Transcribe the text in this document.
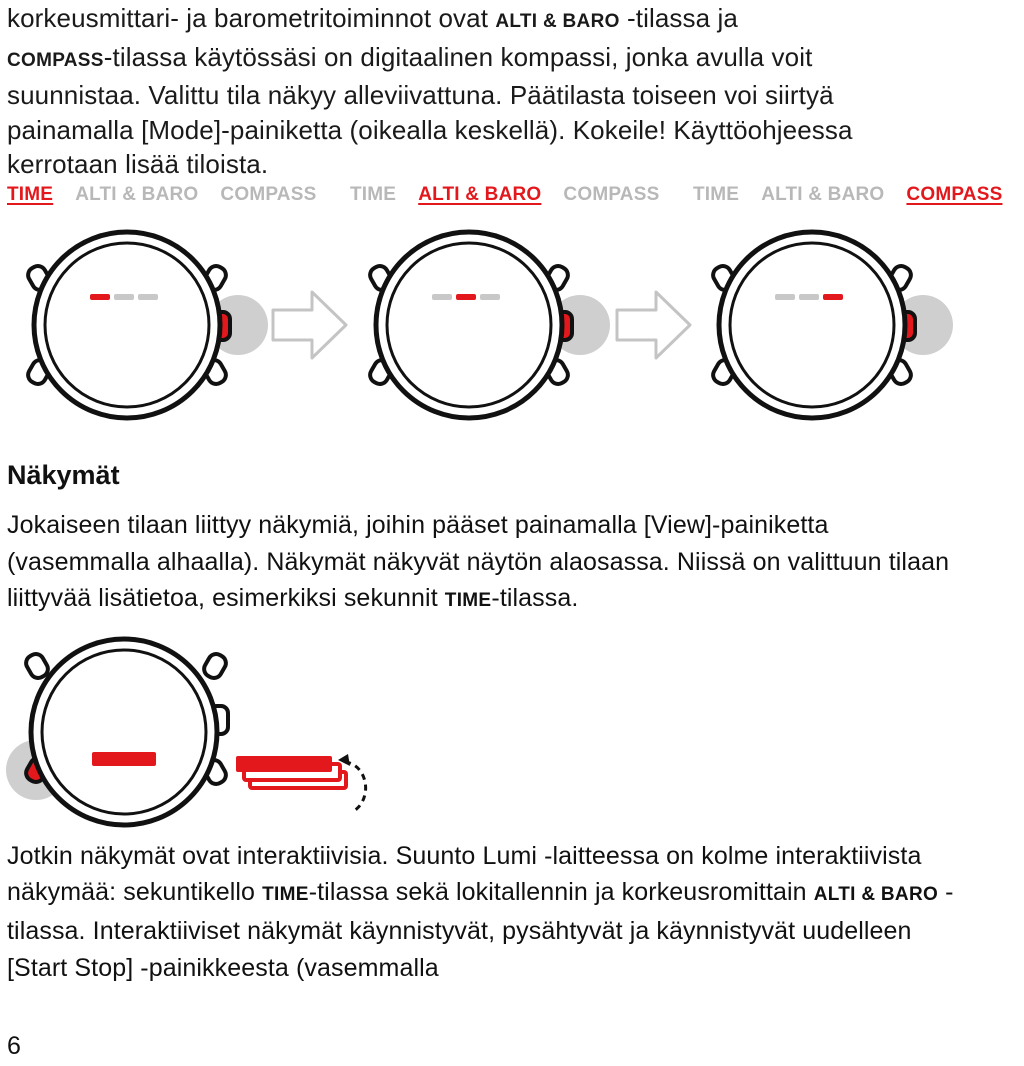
korkeusmittari- ja barometritoiminnot ovat ALTI & BARO -tilassa ja
COMPASS-tilassa käytössäsi on digitaalinen kompassi, jonka avulla voit suunnistaa. Valittu tila näkyy alleviivattuna. Päätilasta toiseen voi siirtyä painamalla [Mode]-painiketta (oikealla keskellä). Kokeile! Käyttöohjeessa kerrotaan lisää tiloista.

TIME ALTI & BARO COMPASS	TIME ALTI & BARO COMPASS	TIME ALTI & BARO COMPASS
Näkymät

Jokaiseen tilaan liittyy näkymiä, joihin pääset painamalla [View]-painiketta (vasemmalla alhaalla). Näkymät näkyvät näytön alaosassa. Niissä on valittuun tilaan liittyvää lisätietoa, esimerkiksi sekunnit TIME-tilassa.

Jotkin näkymät ovat interaktiivisia. Suunto Lumi -laitteessa on kolme interaktiivista näkymää: sekuntikello TIME-tilassa sekä lokitallennin ja korkeusromittain ALTI & BARO -tilassa. Interaktiiviset näkymät käynnistyvät, pysähtyvät ja käynnistyvät uudelleen [Start Stop] -painikkeesta (vasemmalla

6
